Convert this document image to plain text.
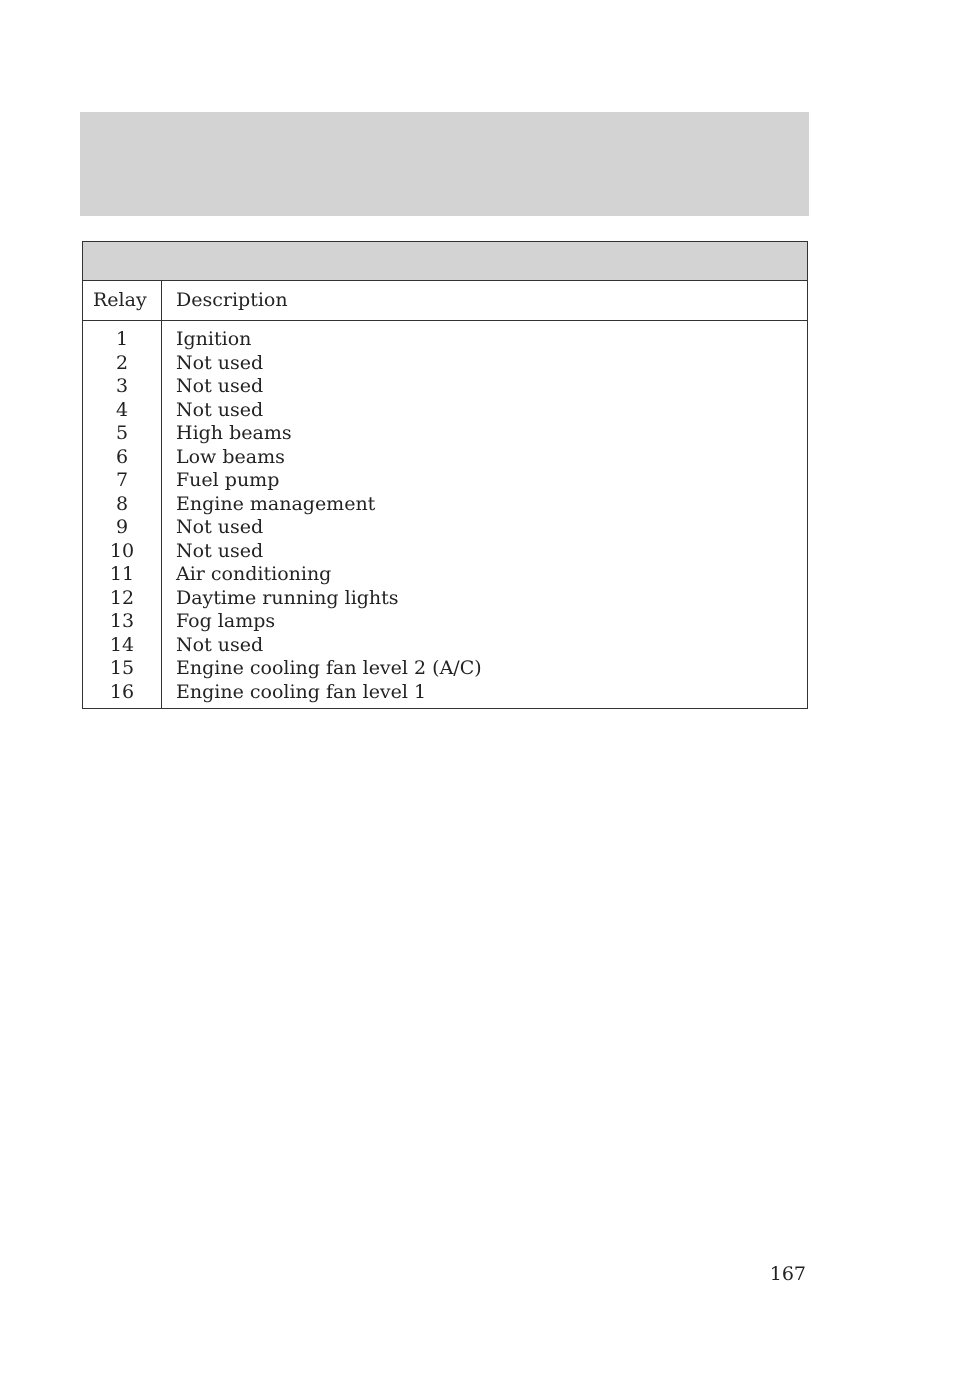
Relay Description
1	Ignition
2	Not used
3	Not used
4	Not used
5	High beams
6	Low beams
7	Fuel pump
8	Engine management
9	Not used
10	Not used
11	Air conditioning
12	Daytime running lights
13	Fog lamps
14	Not used
15	Engine cooling fan level 2 (A/C)
16	Engine cooling fan level 1
167
